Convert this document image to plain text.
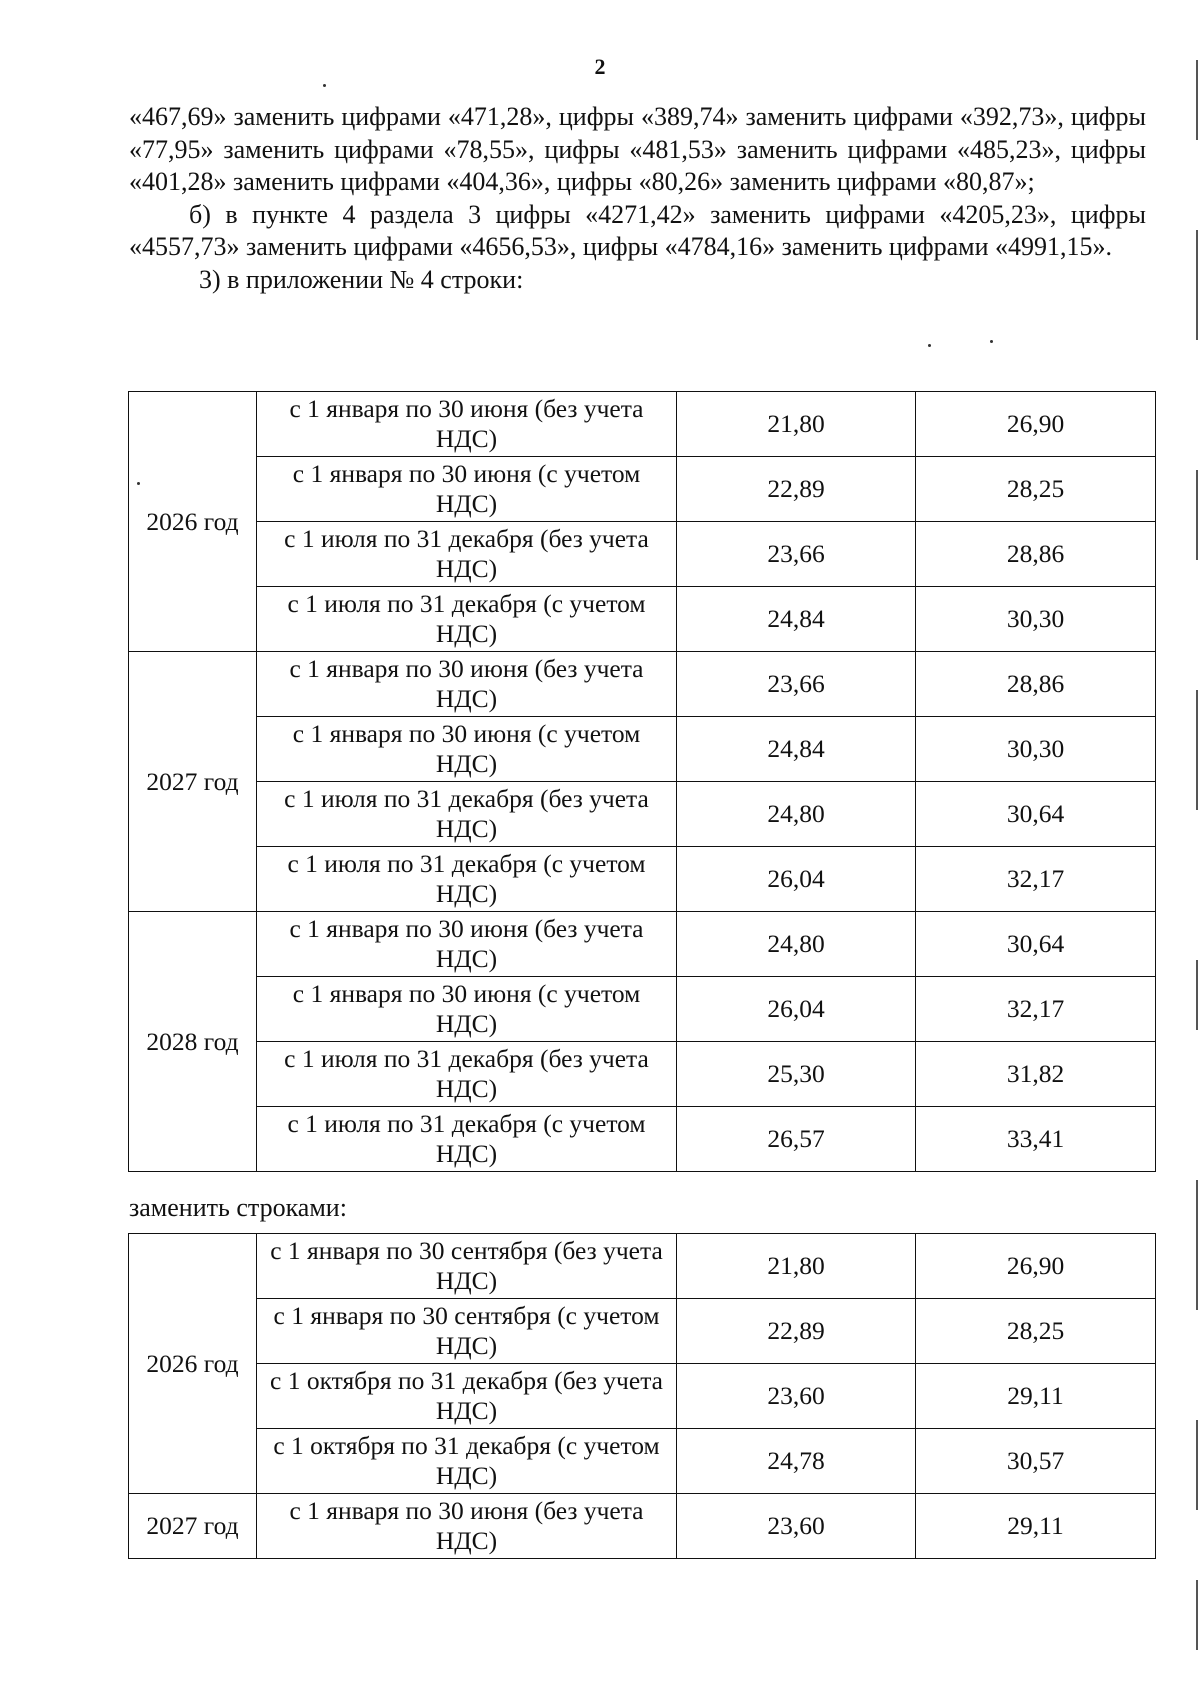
2

«467,69» заменить цифрами «471,28», цифры «389,74» заменить цифрами «392,73», цифры «77,95» заменить цифрами «78,55», цифры «481,53» заменить цифрами «485,23», цифры «401,28» заменить цифрами «404,36», цифры «80,26» заменить цифрами «80,87»;

б) в пункте 4 раздела 3 цифры «4271,42» заменить цифрами «4205,23», цифры «4557,73» заменить цифрами «4656,53», цифры «4784,16» заменить цифрами «4991,15».

3) в приложении № 4 строки:

2026 год	с 1 января по 30 июня (без учета НДС)	21,80	26,90
	с 1 января по 30 июня (с учетом НДС)	22,89	28,25
	с 1 июля по 31 декабря (без учета НДС)	23,66	28,86
	с 1 июля по 31 декабря (с учетом НДС)	24,84	30,30
2027 год	с 1 января по 30 июня (без учета НДС)	23,66	28,86
	с 1 января по 30 июня (с учетом НДС)	24,84	30,30
	с 1 июля по 31 декабря (без учета НДС)	24,80	30,64
	с 1 июля по 31 декабря (с учетом НДС)	26,04	32,17
2028 год	с 1 января по 30 июня (без учета НДС)	24,80	30,64
	с 1 января по 30 июня (с учетом НДС)	26,04	32,17
	с 1 июля по 31 декабря (без учета НДС)	25,30	31,82
	с 1 июля по 31 декабря (с учетом НДС)	26,57	33,41

заменить строками:

2026 год	с 1 января по 30 сентября (без учета НДС)	21,80	26,90
	с 1 января по 30 сентября (с учетом НДС)	22,89	28,25
	с 1 октября по 31 декабря (без учета НДС)	23,60	29,11
	с 1 октября по 31 декабря (с учетом НДС)	24,78	30,57
2027 год	с 1 января по 30 июня (без учета НДС)	23,60	29,11
